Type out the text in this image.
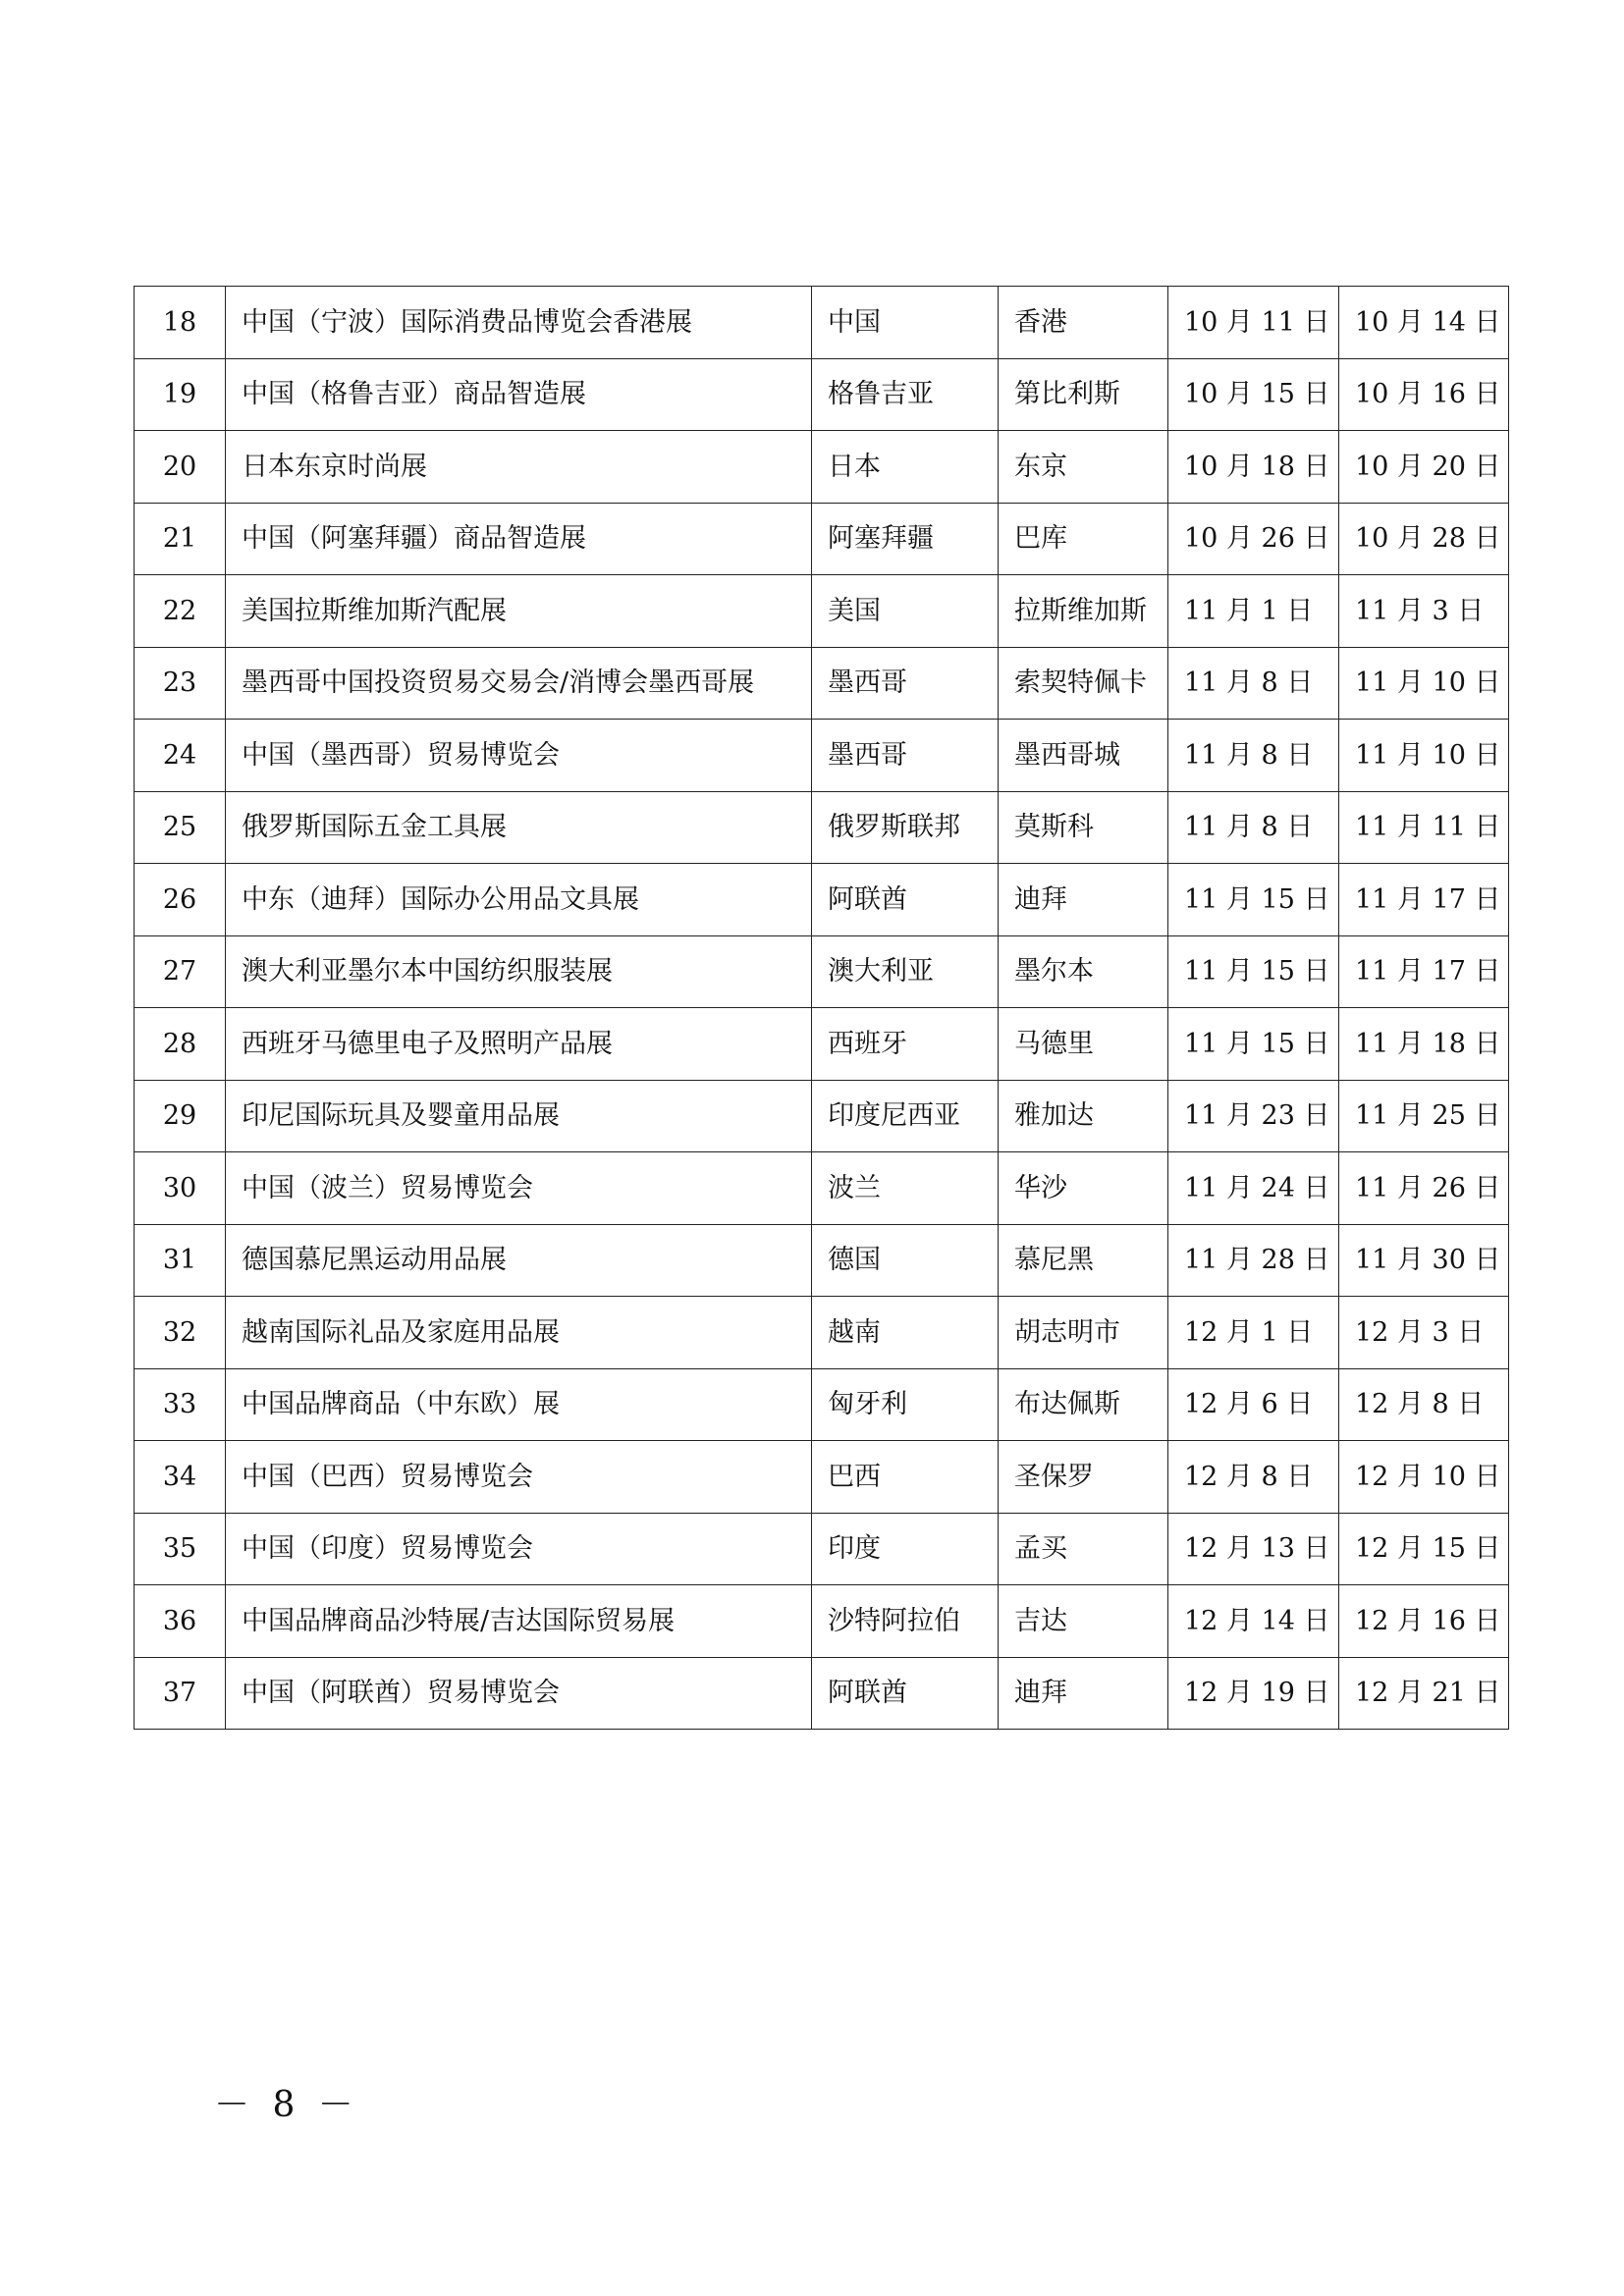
18	中国（宁波）国际消费品博览会香港展	中国	香港	10 月 11 日	10 月 14 日
19	中国（格鲁吉亚）商品智造展	格鲁吉亚	第比利斯	10 月 15 日	10 月 16 日
20	日本东京时尚展	日本	东京	10 月 18 日	10 月 20 日
21	中国（阿塞拜疆）商品智造展	阿塞拜疆	巴库	10 月 26 日	10 月 28 日
22	美国拉斯维加斯汽配展	美国	拉斯维加斯	11 月 1 日	11 月 3 日
23	墨西哥中国投资贸易交易会/消博会墨西哥展	墨西哥	索契特佩卡	11 月 8 日	11 月 10 日
24	中国（墨西哥）贸易博览会	墨西哥	墨西哥城	11 月 8 日	11 月 10 日
25	俄罗斯国际五金工具展	俄罗斯联邦	莫斯科	11 月 8 日	11 月 11 日
26	中东（迪拜）国际办公用品文具展	阿联酋	迪拜	11 月 15 日	11 月 17 日
27	澳大利亚墨尔本中国纺织服装展	澳大利亚	墨尔本	11 月 15 日	11 月 17 日
28	西班牙马德里电子及照明产品展	西班牙	马德里	11 月 15 日	11 月 18 日
29	印尼国际玩具及婴童用品展	印度尼西亚	雅加达	11 月 23 日	11 月 25 日
30	中国（波兰）贸易博览会	波兰	华沙	11 月 24 日	11 月 26 日
31	德国慕尼黑运动用品展	德国	慕尼黑	11 月 28 日	11 月 30 日
32	越南国际礼品及家庭用品展	越南	胡志明市	12 月 1 日	12 月 3 日
33	中国品牌商品（中东欧）展	匈牙利	布达佩斯	12 月 6 日	12 月 8 日
34	中国（巴西）贸易博览会	巴西	圣保罗	12 月 8 日	12 月 10 日
35	中国（印度）贸易博览会	印度	孟买	12 月 13 日	12 月 15 日
36	中国品牌商品沙特展/吉达国际贸易展	沙特阿拉伯	吉达	12 月 14 日	12 月 16 日
37	中国（阿联酋）贸易博览会	阿联酋	迪拜	12 月 19 日	12 月 21 日
－ 8 －
